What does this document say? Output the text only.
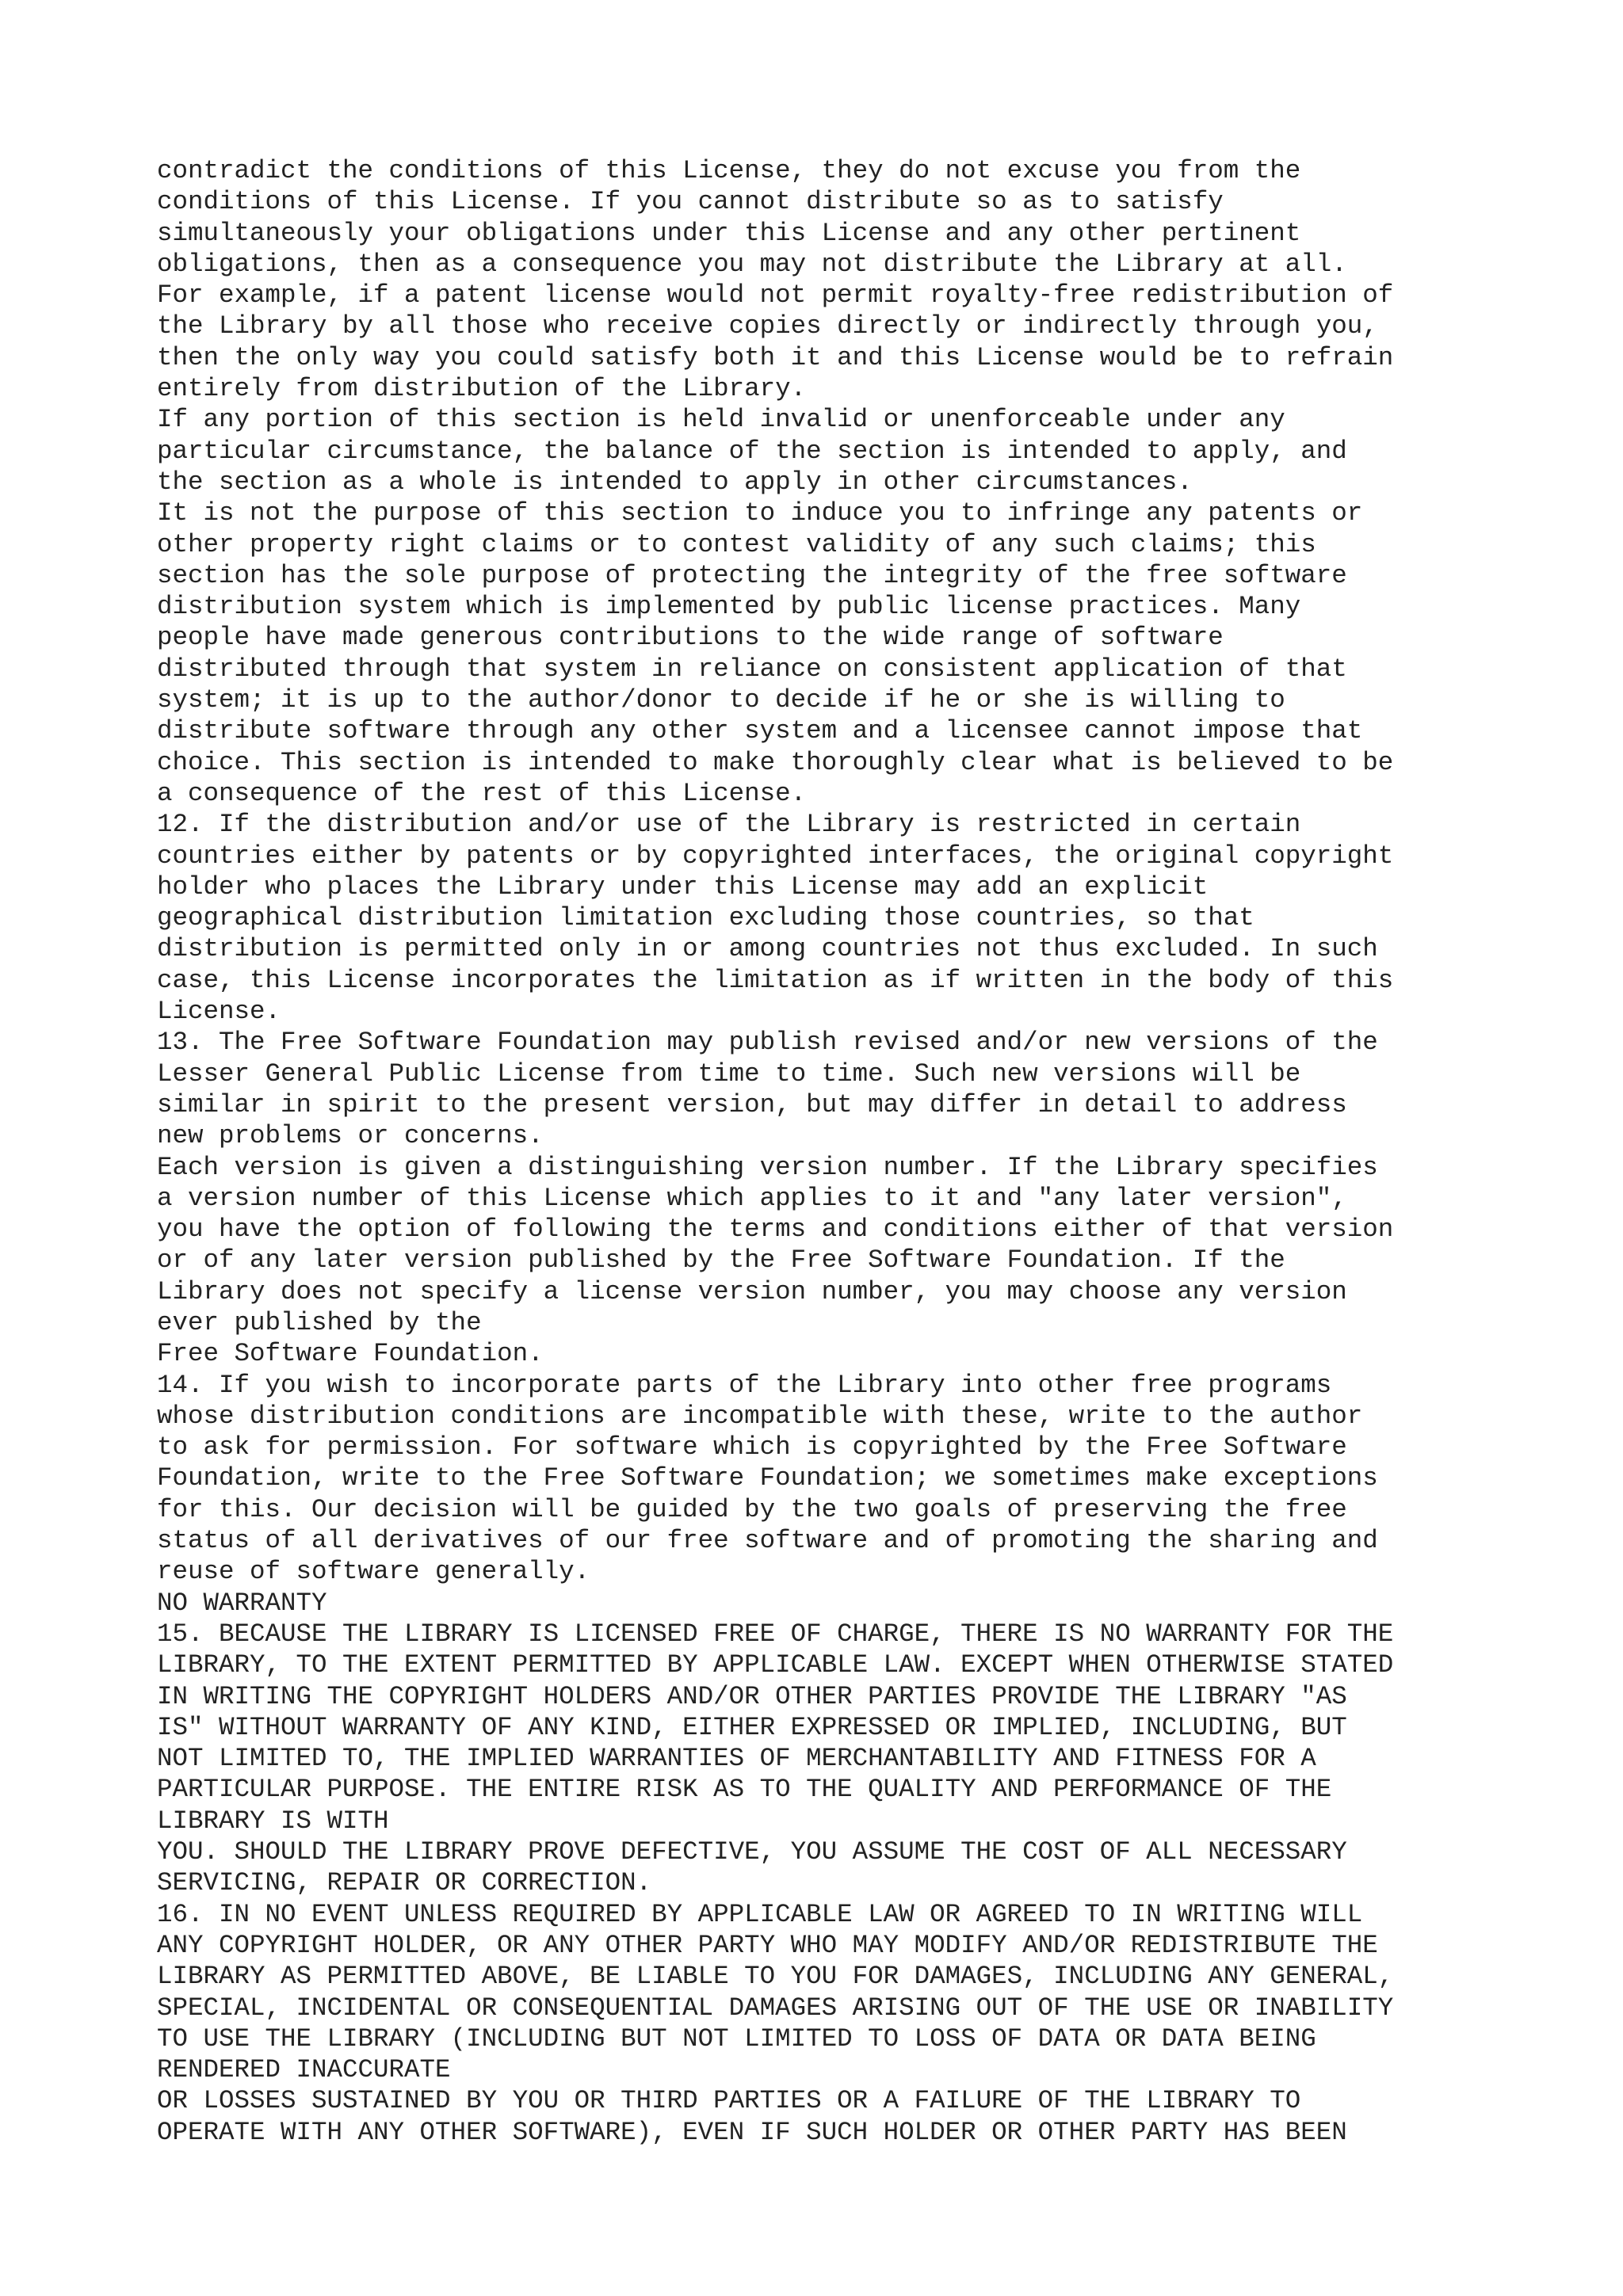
contradict the conditions of this License, they do not excuse you from the
conditions of this License. If you cannot distribute so as to satisfy
simultaneously your obligations under this License and any other pertinent
obligations, then as a consequence you may not distribute the Library at all.
For example, if a patent license would not permit royalty-free redistribution of
the Library by all those who receive copies directly or indirectly through you,
then the only way you could satisfy both it and this License would be to refrain
entirely from distribution of the Library.
If any portion of this section is held invalid or unenforceable under any
particular circumstance, the balance of the section is intended to apply, and
the section as a whole is intended to apply in other circumstances.
It is not the purpose of this section to induce you to infringe any patents or
other property right claims or to contest validity of any such claims; this
section has the sole purpose of protecting the integrity of the free software
distribution system which is implemented by public license practices. Many
people have made generous contributions to the wide range of software
distributed through that system in reliance on consistent application of that
system; it is up to the author/donor to decide if he or she is willing to
distribute software through any other system and a licensee cannot impose that
choice. This section is intended to make thoroughly clear what is believed to be
a consequence of the rest of this License.
12. If the distribution and/or use of the Library is restricted in certain
countries either by patents or by copyrighted interfaces, the original copyright
holder who places the Library under this License may add an explicit
geographical distribution limitation excluding those countries, so that
distribution is permitted only in or among countries not thus excluded. In such
case, this License incorporates the limitation as if written in the body of this
License.
13. The Free Software Foundation may publish revised and/or new versions of the
Lesser General Public License from time to time. Such new versions will be
similar in spirit to the present version, but may differ in detail to address
new problems or concerns.
Each version is given a distinguishing version number. If the Library specifies
a version number of this License which applies to it and "any later version",
you have the option of following the terms and conditions either of that version
or of any later version published by the Free Software Foundation. If the
Library does not specify a license version number, you may choose any version
ever published by the
Free Software Foundation.
14. If you wish to incorporate parts of the Library into other free programs
whose distribution conditions are incompatible with these, write to the author
to ask for permission. For software which is copyrighted by the Free Software
Foundation, write to the Free Software Foundation; we sometimes make exceptions
for this. Our decision will be guided by the two goals of preserving the free
status of all derivatives of our free software and of promoting the sharing and
reuse of software generally.
NO WARRANTY
15. BECAUSE THE LIBRARY IS LICENSED FREE OF CHARGE, THERE IS NO WARRANTY FOR THE
LIBRARY, TO THE EXTENT PERMITTED BY APPLICABLE LAW. EXCEPT WHEN OTHERWISE STATED
IN WRITING THE COPYRIGHT HOLDERS AND/OR OTHER PARTIES PROVIDE THE LIBRARY "AS
IS" WITHOUT WARRANTY OF ANY KIND, EITHER EXPRESSED OR IMPLIED, INCLUDING, BUT
NOT LIMITED TO, THE IMPLIED WARRANTIES OF MERCHANTABILITY AND FITNESS FOR A
PARTICULAR PURPOSE. THE ENTIRE RISK AS TO THE QUALITY AND PERFORMANCE OF THE
LIBRARY IS WITH
YOU. SHOULD THE LIBRARY PROVE DEFECTIVE, YOU ASSUME THE COST OF ALL NECESSARY
SERVICING, REPAIR OR CORRECTION.
16. IN NO EVENT UNLESS REQUIRED BY APPLICABLE LAW OR AGREED TO IN WRITING WILL
ANY COPYRIGHT HOLDER, OR ANY OTHER PARTY WHO MAY MODIFY AND/OR REDISTRIBUTE THE
LIBRARY AS PERMITTED ABOVE, BE LIABLE TO YOU FOR DAMAGES, INCLUDING ANY GENERAL,
SPECIAL, INCIDENTAL OR CONSEQUENTIAL DAMAGES ARISING OUT OF THE USE OR INABILITY
TO USE THE LIBRARY (INCLUDING BUT NOT LIMITED TO LOSS OF DATA OR DATA BEING
RENDERED INACCURATE
OR LOSSES SUSTAINED BY YOU OR THIRD PARTIES OR A FAILURE OF THE LIBRARY TO
OPERATE WITH ANY OTHER SOFTWARE), EVEN IF SUCH HOLDER OR OTHER PARTY HAS BEEN
